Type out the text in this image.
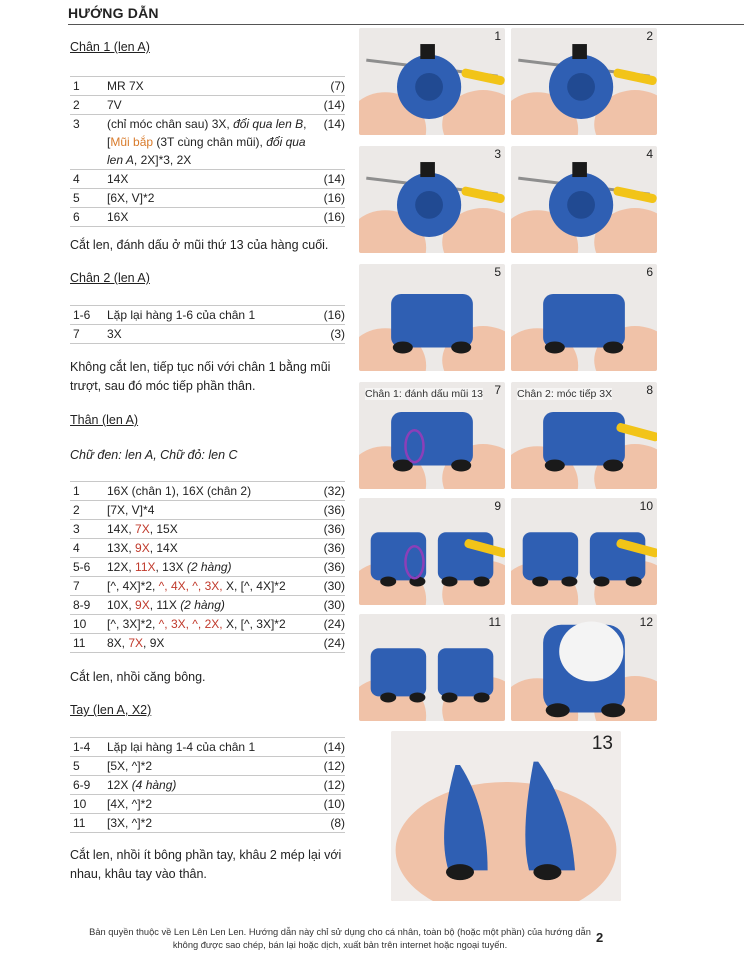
HƯỚNG DẪN
Chân 1 (len A)
1	MR 7X	(7)
2	7V	(14)
3	(chỉ móc chân sau) 3X, đổi qua len B, [Mũi bắp (3T cùng chân mũi), đổi qua len A, 2X]*3, 2X	(14)
4	14X	(14)
5	[6X, V]*2	(16)
6	16X	(16)
Cắt len, đánh dấu ở mũi thứ 13 của hàng cuối.
Chân 2 (len A)
1-6	Lặp lại hàng 1-6 của chân 1	(16)
7	3X	(3)
Không cắt len, tiếp tục nối với chân 1 bằng mũi trượt, sau đó móc tiếp phần thân.
Thân (len A)
Chữ đen: len A, Chữ đỏ: len C
1	16X (chân 1), 16X (chân 2)	(32)
2	[7X, V]*4	(36)
3	14X, 7X, 15X	(36)
4	13X, 9X, 14X	(36)
5-6	12X, 11X, 13X (2 hàng)	(36)
7	[^, 4X]*2, ^, 4X, ^, 3X, X, [^, 4X]*2	(30)
8-9	10X, 9X, 11X (2 hàng)	(30)
10	[^, 3X]*2, ^, 3X, ^, 2X, X, [^, 3X]*2	(24)
11	8X, 7X, 9X	(24)
Cắt len, nhồi căng bông.
Tay (len A, X2)
1-4	Lặp lại hàng 1-4 của chân 1	(14)
5	[5X, ^]*2	(12)
6-9	12X (4 hàng)	(12)
10	[4X, ^]*2	(10)
11	[3X, ^]*2	(8)
Cắt len, nhồi ít bông phần tay, khâu 2 mép lại với nhau, khâu tay vào thân.
1	2
3	4
5	6
7
Chân 1: đánh dấu mũi 13	8
Chân 2: móc tiếp 3X
9	10
11	12
13
Bản quyền thuộc về Len Lên Len Len. Hướng dẫn này chỉ sử dụng cho cá nhân, toàn bộ (hoặc một phần) của hướng dẫn
không được sao chép, bán lại hoặc dịch, xuất bản trên internet hoặc ngoại tuyến.	2
